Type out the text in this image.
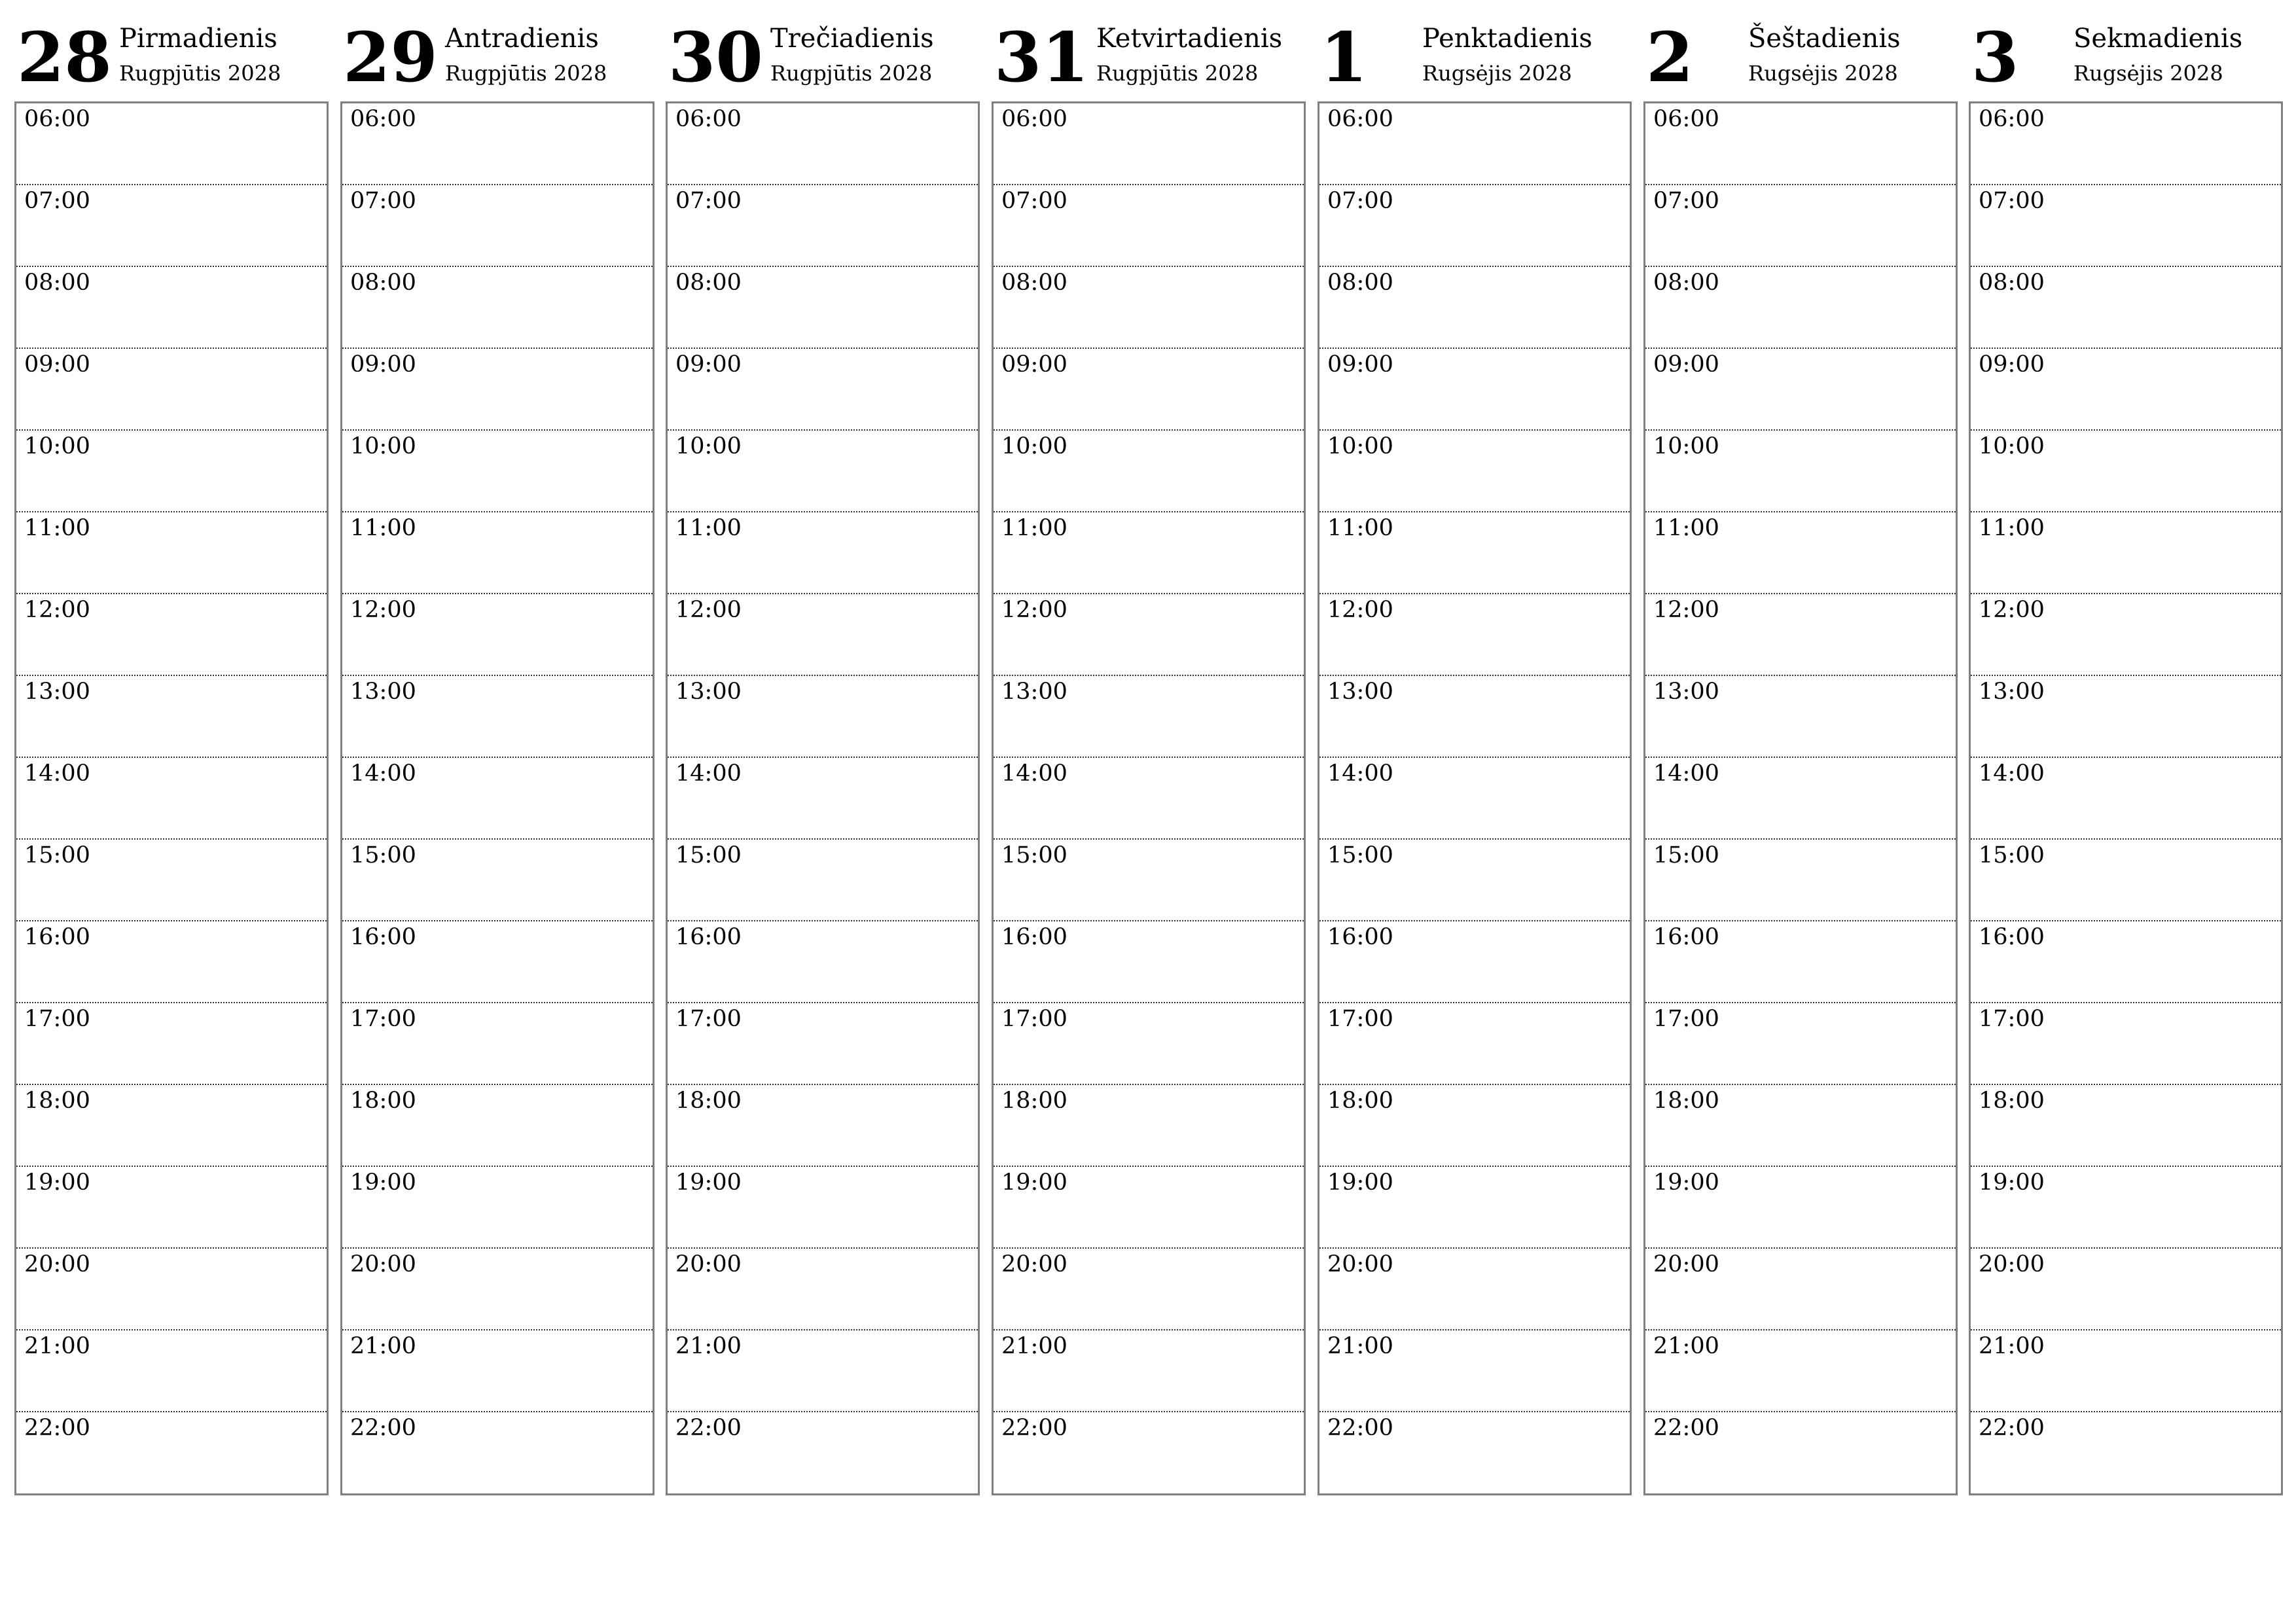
28 Pirmadienis
Rugpjūtis 2028
06:00
07:00
08:00
09:00
10:00
11:00
12:00
13:00
14:00
15:00
16:00
17:00
18:00
19:00
20:00
21:00
22:00
29 Antradienis
Rugpjūtis 2028
06:00
07:00
08:00
09:00
10:00
11:00
12:00
13:00
14:00
15:00
16:00
17:00
18:00
19:00
20:00
21:00
22:00
30 Trečiadienis
Rugpjūtis 2028
06:00
07:00
08:00
09:00
10:00
11:00
12:00
13:00
14:00
15:00
16:00
17:00
18:00
19:00
20:00
21:00
22:00
31 Ketvirtadienis
Rugpjūtis 2028
06:00
07:00
08:00
09:00
10:00
11:00
12:00
13:00
14:00
15:00
16:00
17:00
18:00
19:00
20:00
21:00
22:00
1 Penktadienis
Rugsėjis 2028
06:00
07:00
08:00
09:00
10:00
11:00
12:00
13:00
14:00
15:00
16:00
17:00
18:00
19:00
20:00
21:00
22:00
2 Šeštadienis
Rugsėjis 2028
06:00
07:00
08:00
09:00
10:00
11:00
12:00
13:00
14:00
15:00
16:00
17:00
18:00
19:00
20:00
21:00
22:00
3 Sekmadienis
Rugsėjis 2028
06:00
07:00
08:00
09:00
10:00
11:00
12:00
13:00
14:00
15:00
16:00
17:00
18:00
19:00
20:00
21:00
22:00
